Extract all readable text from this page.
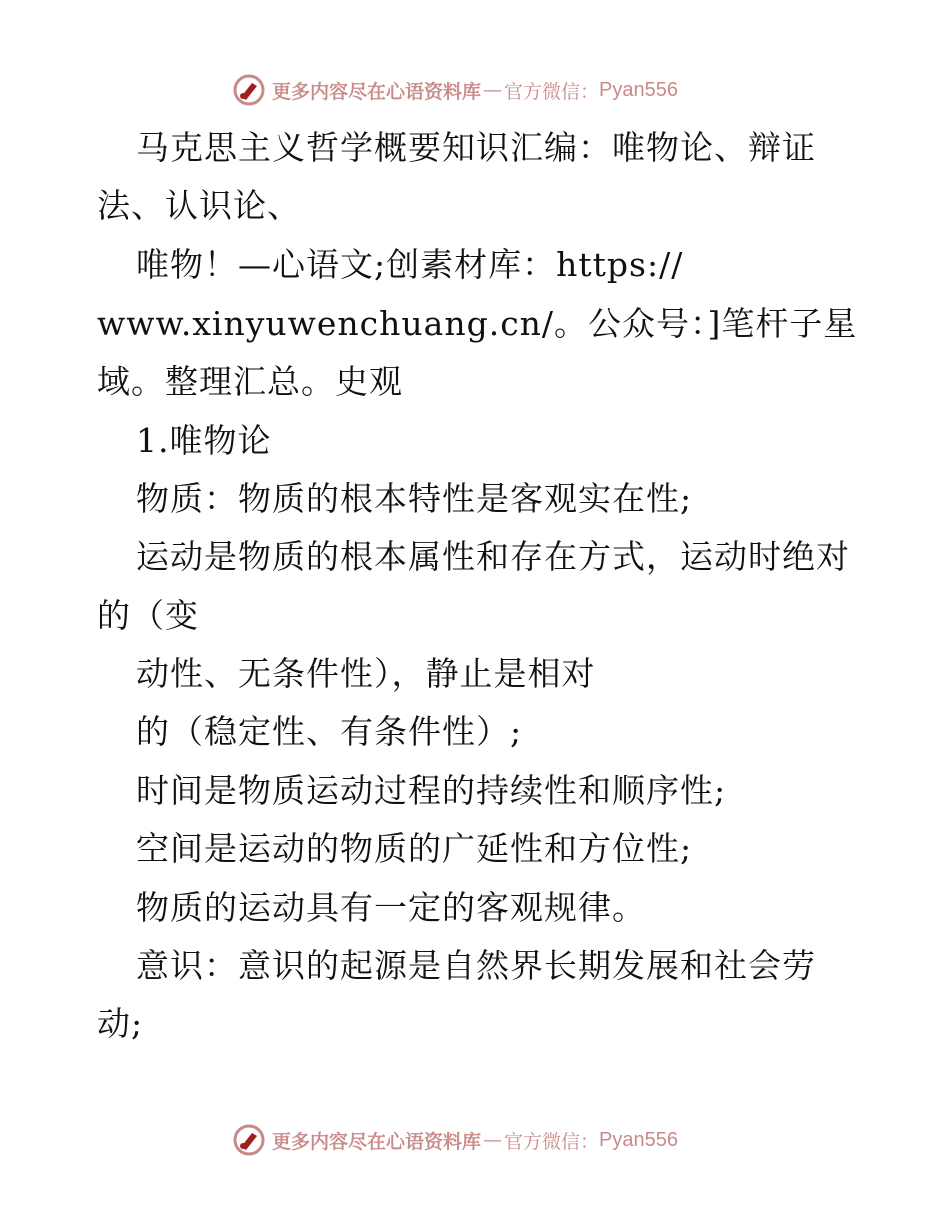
更多内容尽在心语资料库 — 官方微信： Pyan556
马克思主义哲学概要知识汇编：唯物论、辩证
法、认识论、
唯物！—心语文;创素材库：https://
www.xinyuwenchuang.cn/。公众号：]笔杆子星
域。整理汇总。史观
1.唯物论
物质：物质的根本特性是客观实在性;
运动是物质的根本属性和存在方式，运动时绝对
的（变
动性、无条件性），静止是相对
的（稳定性、有条件性）;
时间是物质运动过程的持续性和顺序性;
空间是运动的物质的广延性和方位性;
物质的运动具有一定的客观规律。
意识：意识的起源是自然界长期发展和社会劳
动;
更多内容尽在心语资料库 — 官方微信： Pyan556
